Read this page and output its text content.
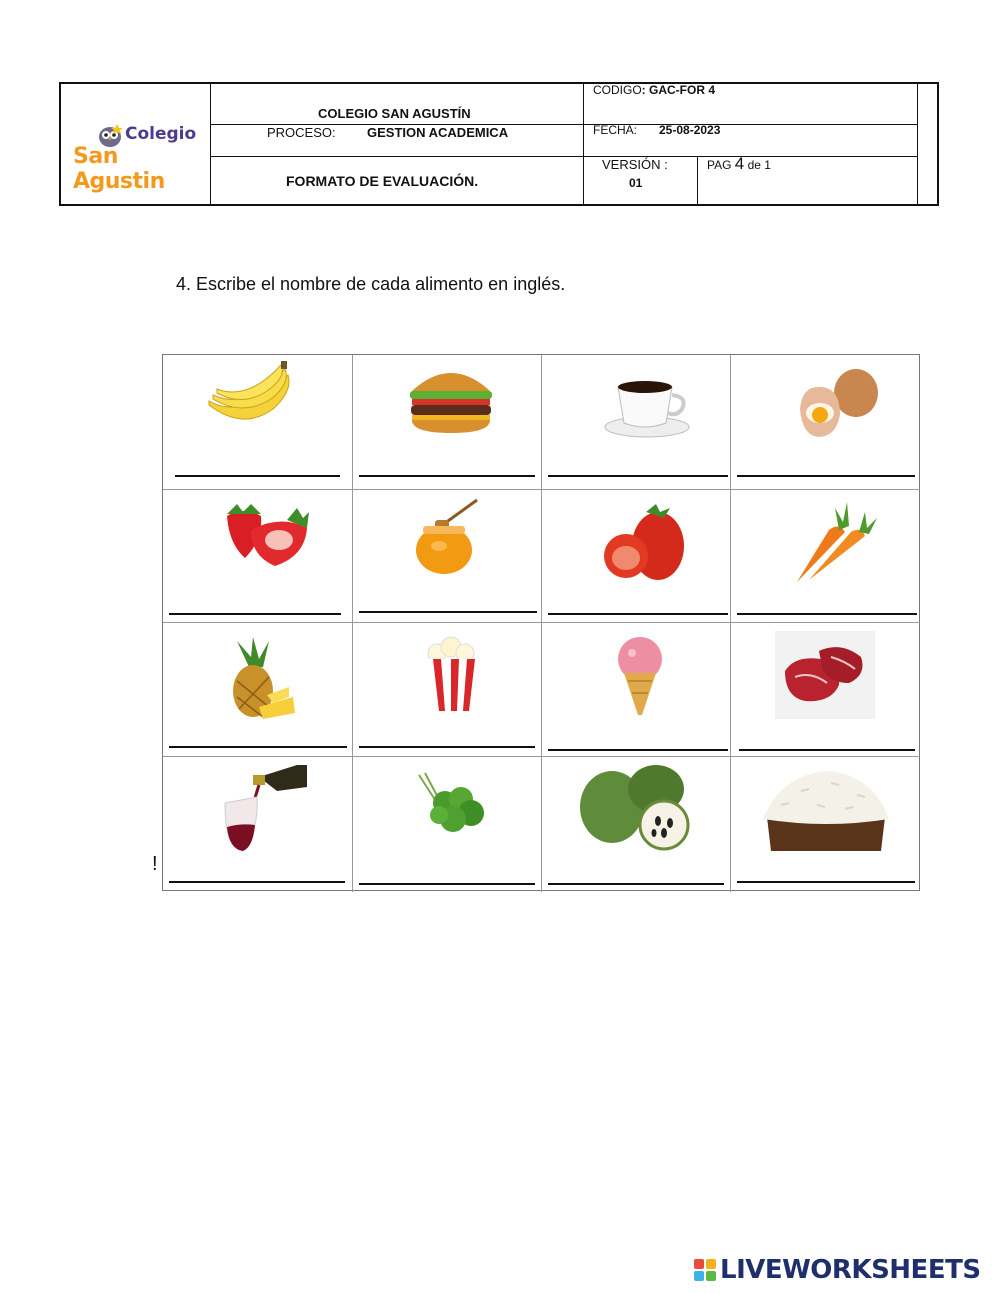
Colegio
San Agustin
COLEGIO SAN AGUSTÍN
PROCESO: GESTION ACADEMICA
FORMATO DE EVALUACIÓN.
CODIGO: GAC-FOR 4
FECHA: 25-08-2023
VERSIÓN :
01
PAG 4 de 1
4. Escribe el nombre de cada alimento en inglés.
!
LIVEWORKSHEETS
